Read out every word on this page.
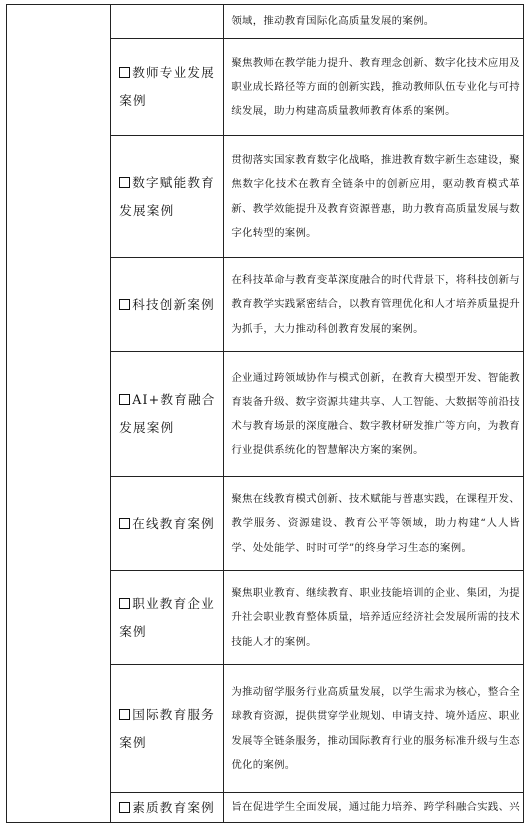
		领域，推动教育国际化高质量发展的案例。
	教师专业发展案例	聚焦教师在教学能力提升、教育理念创新、数字化技术应用及职业成长路径等方面的创新实践，推动教师队伍专业化与可持续发展，助力构建高质量教师教育体系的案例。
	数字赋能教育发展案例	贯彻落实国家教育数字化战略，推进教育数字新生态建设，聚焦数字化技术在教育全链条中的创新应用，驱动教育模式革新、教学效能提升及教育资源普惠，助力教育高质量发展与数字化转型的案例。
	科技创新案例	在科技革命与教育变革深度融合的时代背景下，将科技创新与教育教学实践紧密结合，以教育管理优化和人才培养质量提升为抓手，大力推动科创教育发展的案例。
	AI+教育融合发展案例	企业通过跨领域协作与模式创新，在教育大模型开发、智能教育装备升级、数字资源共建共享、人工智能、大数据等前沿技术与教育场景的深度融合、数字教材研发推广等方向，为教育行业提供系统化的智慧解决方案的案例。
	在线教育案例	聚焦在线教育模式创新、技术赋能与普惠实践，在课程开发、教学服务、资源建设、教育公平等领域，助力构建“人人皆学、处处能学、时时可学”的终身学习生态的案例。
	职业教育企业案例	聚焦职业教育、继续教育、职业技能培训的企业、集团，为提升社会职业教育整体质量，培养适应经济社会发展所需的技术技能人才的案例。
	国际教育服务案例	为推动留学服务行业高质量发展，以学生需求为核心，整合全球教育资源，提供贯穿学业规划、申请支持、境外适应、职业发展等全链条服务，推动国际教育行业的服务标准升级与生态优化的案例。
	素质教育案例	旨在促进学生全面发展，通过能力培养、跨学科融合实践、兴
